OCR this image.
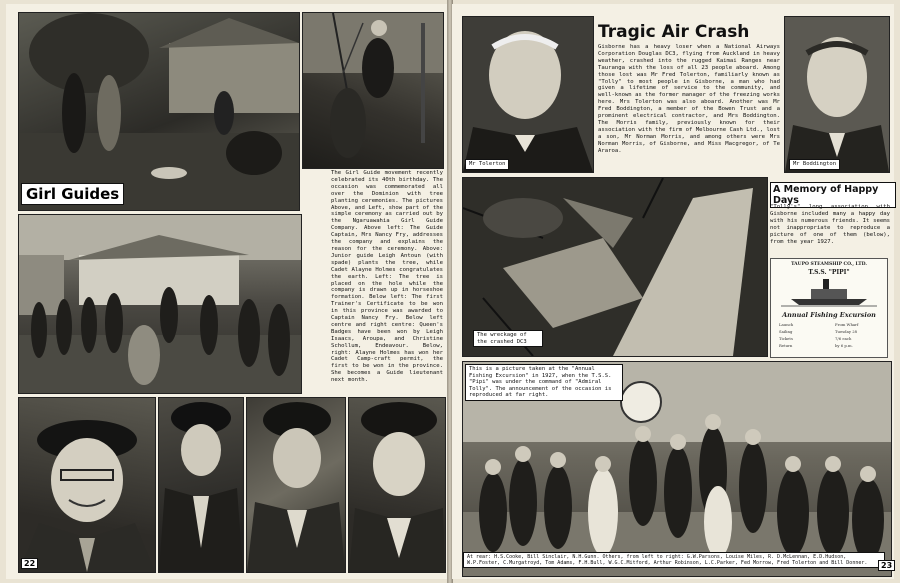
Girl Guides
The Girl Guide movement recently celebrated its 40th birthday. The occasion was commemorated all over the Dominion with tree planting ceremonies. The pictures Above, and Left, show part of the simple ceremony as carried out by the Ngaruawahia Girl Guide Company. Above left: The Guide Captain, Mrs Nancy Fry, addresses the company and explains the reason for the ceremony. Above: Junior guide Leigh Antoun (with spade) plants the tree, while Cadet Alayne Holmes congratulates the earth. Left: The tree is placed on the hole while the company is drawn up in horseshoe formation. Below left: The first Trainer's Certificate to be won in this province was awarded to Captain Nancy Fry. Below left centre and right centre: Queen's Badges have been won by Leigh Isaacs, Aroupa, and Christine Schollum, Endeavour. Below, right: Alayne Holmes has won her Cadet Camp-craft permit, the first to be won in the province. She becomes a Guide lieutenant next month.
22
Mr Tolerton
Tragic Air Crash
Gisborne has a heavy loser when a National Airways Corporation Douglas DC3, flying from Auckland in heavy weather, crashed into the rugged Kaimai Ranges near Tauranga with the loss of all 23 people aboard. Among those lost was Mr Fred Tolerton, familiarly known as "Tolly" to most people in Gisborne, a man who had given a lifetime of service to the community, and well-known as the former manager of the freezing works here. Mrs Tolerton was also aboard. Another was Mr Fred Boddington, a member of the Bowen Trust and a prominent electrical contractor, and Mrs Boddington. The Morris family, previously known for their association with the firm of Melbourne Cash Ltd., lost a son, Mr Norman Morris, and among others were Mrs Norman Morris, of Gisborne, and Miss Macgregor, of Te Araroa.
Mr Boddington
The wreckage of the crashed DC3
A Memory of Happy Days
"Tolly's" long association with Gisborne included many a happy day with his numerous friends. It seems not inappropriate to reproduce a picture of one of them (below), from the year 1927.
TAUPO STEAMSHIP CO., LTD.
T.S.S. "PIPI"
Annual Fishing Excursion
Launch	From Wharf
Sailing	Tuesday 28
Tickets	7/6 each
Return	by 6 p.m.
This is a picture taken at the "Annual Fishing Excursion" in 1927, when the T.S.S. "Pipi" was under the command of "Admiral Tolly". The announcement of the occasion is reproduced at far right.
At rear: H.S.Cooke, Bill Sinclair, N.H.Gunn. Others, from left to right: G.W.Parsons, Louise Miles, R. D.McLennan, E.D.Hudson, W.P.Foster, C.Murgatroyd, Tom Adams, F.H.Bull, W.G.C.Mitford, Arthur Robinson, L.C.Parker, Fed Morrow, Fred Tolerton and Bill Donner.	23
